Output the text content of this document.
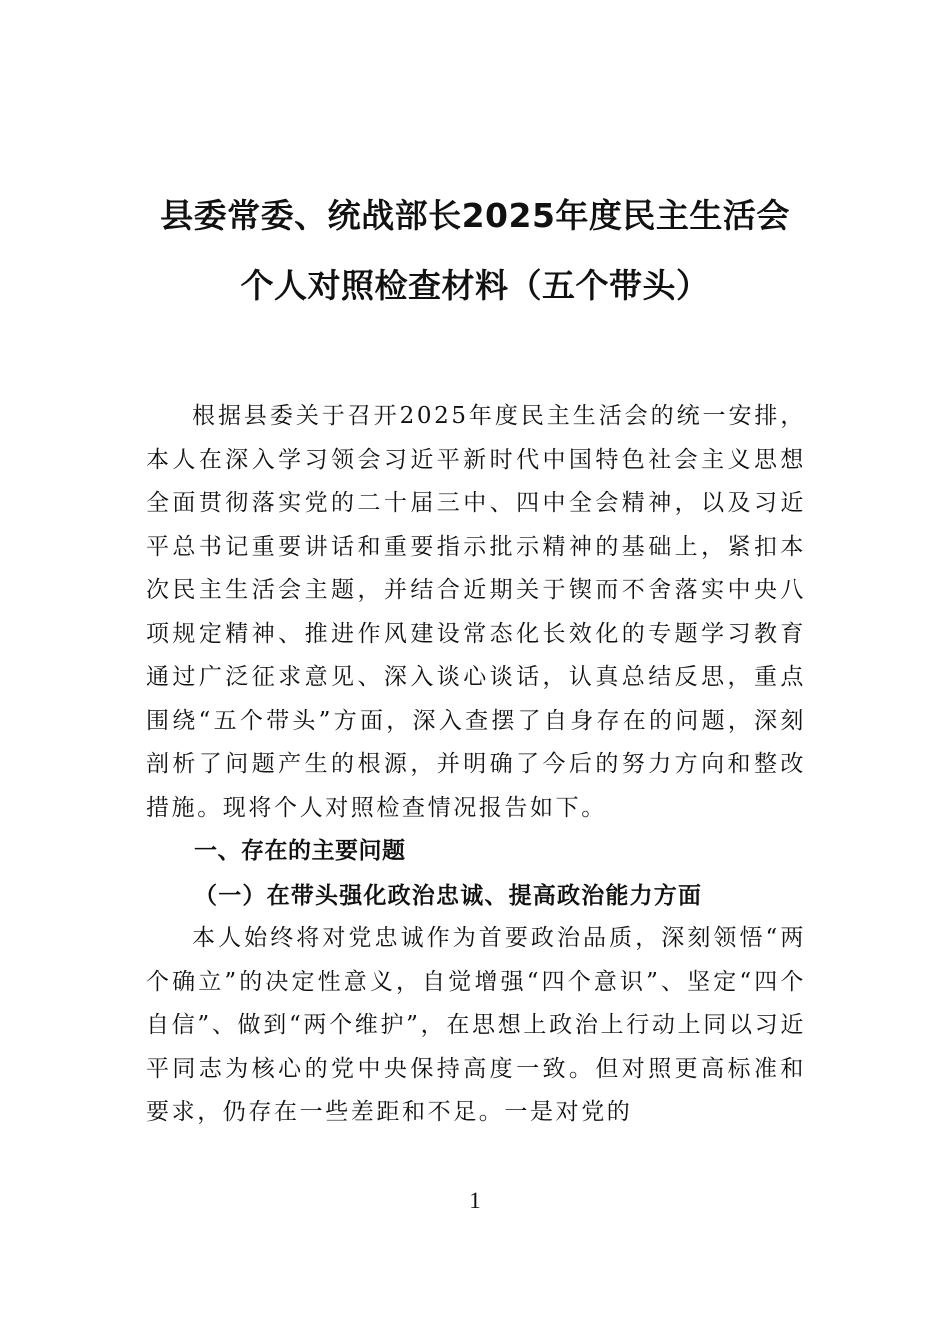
县委常委、统战部长2025年度民主生活会
个人对照检查材料（五个带头）

根据县委关于召开2025年度民主生活会的统一安排，本人在深入学习领会习近平新时代中国特色社会主义思想全面贯彻落实党的二十届三中、四中全会精神，以及习近平总书记重要讲话和重要指示批示精神的基础上，紧扣本次民主生活会主题，并结合近期关于锲而不舍落实中央八项规定精神、推进作风建设常态化长效化的专题学习教育通过广泛征求意见、深入谈心谈话，认真总结反思，重点围绕“五个带头”方面，深入查摆了自身存在的问题，深刻剖析了问题产生的根源，并明确了今后的努力方向和整改措施。现将个人对照检查情况报告如下。

一、存在的主要问题

（一）在带头强化政治忠诚、提高政治能力方面

本人始终将对党忠诚作为首要政治品质，深刻领悟“两个确立”的决定性意义，自觉增强“四个意识”、坚定“四个自信”、做到“两个维护”，在思想上政治上行动上同以习近平同志为核心的党中央保持高度一致。但对照更高标准和要求，仍存在一些差距和不足。一是对党的

1
